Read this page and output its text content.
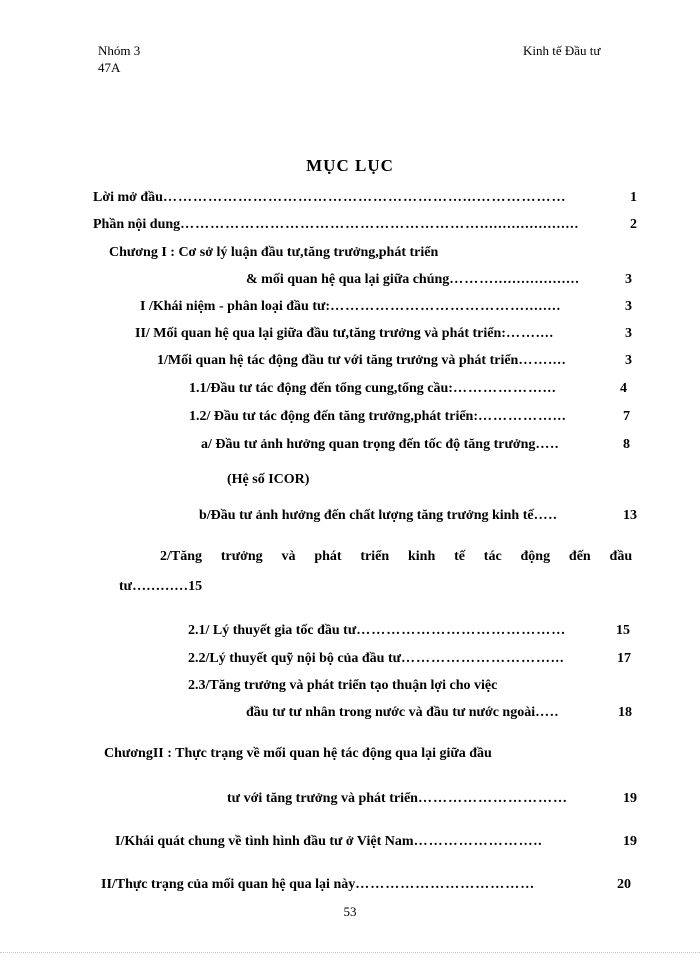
Nhóm 3
47A
Kinh tế Đầu tư
MỤC LỤC
Lời mở đầu ……………………………………………………...………………	1
Phần nội dung ……………………………………………………......................	2
Chương I : Cơ sở lý luận đầu tư,tăng trưởng,phát triển
& mối quan hệ qua lại giữa chúng ………...................	3
I /Khái niệm - phân loại đầu tư: …………………………………........	3
II/ Mối quan hệ qua lại giữa đầu tư,tăng trưởng và phát triển: ……....	3
1/Mối quan hệ tác động đầu tư với tăng trưởng và phát triển ……....	3
1.1/Đầu tư tác động đến tổng cung,tổng cầu: ………………...	4
1.2/ Đầu tư tác động đến tăng trưởng,phát triển: ……………...	7
a/ Đầu tư ảnh hưởng quan trọng đến tốc độ tăng trưởng …..	8
(Hệ số ICOR)
b/Đầu tư ảnh hưởng đến chất lượng tăng trưởng kinh tế …..	13
2/Tăng trưởng và phát triển kinh tế tác động đến đầu
tư…………15
2.1/ Lý thuyết gia tốc đầu tư ……………………………………	15
2.2/Lý thuyết quỹ nội bộ của đầu tư …………………………...	17
2.3/Tăng trưởng và phát triển tạo thuận lợi cho việc
đầu tư tư nhân trong nước và đầu tư nước ngoài …..	18
ChươngII : Thực trạng về mối quan hệ tác động qua lại giữa đầu
tư với tăng trưởng và phát triển …………………………	19
I/Khái quát chung về tình hình đầu tư ở Việt Nam ……………………..	19
II/Thực trạng của mối quan hệ qua lại này ………………………………	20
53
